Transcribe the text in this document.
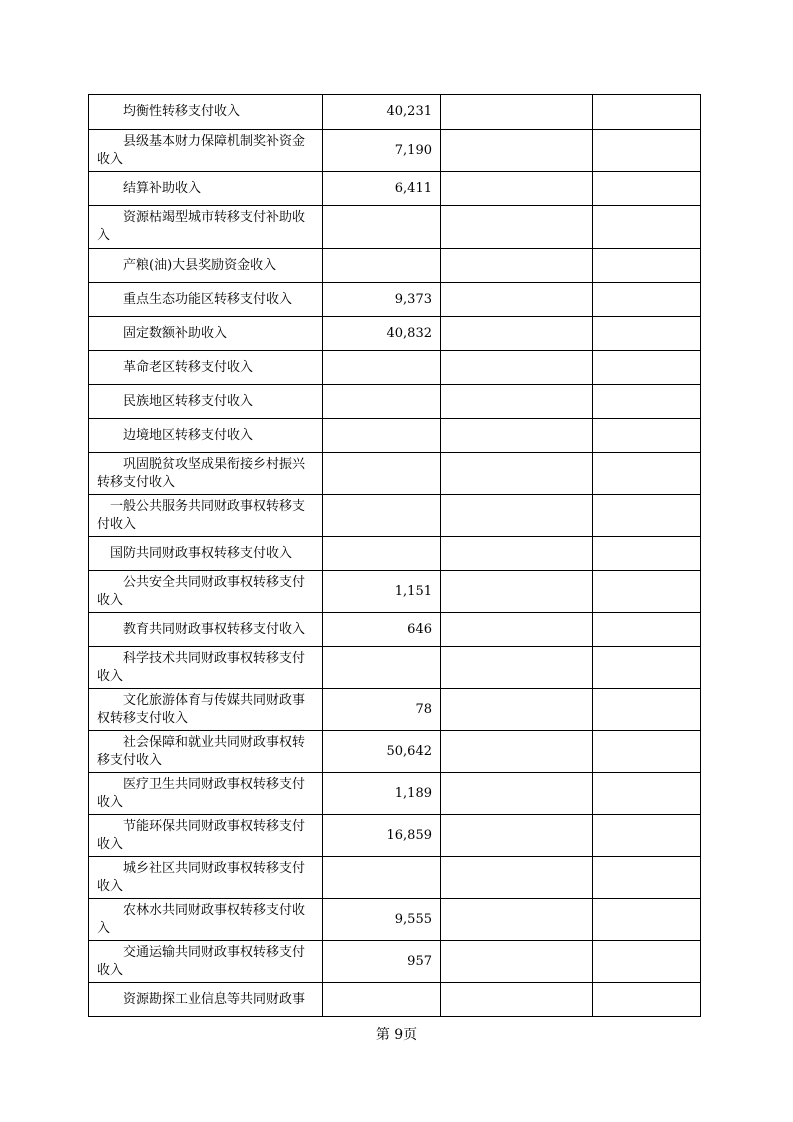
均衡性转移支付收入	40,231		
县级基本财力保障机制奖补资金收入	7,190		
结算补助收入	6,411		
资源枯竭型城市转移支付补助收入			
产粮(油)大县奖励资金收入			
重点生态功能区转移支付收入	9,373		
固定数额补助收入	40,832		
革命老区转移支付收入			
民族地区转移支付收入			
边境地区转移支付收入			
巩固脱贫攻坚成果衔接乡村振兴转移支付收入			
一般公共服务共同财政事权转移支付收入			
国防共同财政事权转移支付收入			
公共安全共同财政事权转移支付收入	1,151		
教育共同财政事权转移支付收入	646		
科学技术共同财政事权转移支付收入			
文化旅游体育与传媒共同财政事权转移支付收入	78		
社会保障和就业共同财政事权转移支付收入	50,642		
医疗卫生共同财政事权转移支付收入	1,189		
节能环保共同财政事权转移支付收入	16,859		
城乡社区共同财政事权转移支付收入			
农林水共同财政事权转移支付收入	9,555		
交通运输共同财政事权转移支付收入	957		
资源勘探工业信息等共同财政事			
第 9页
